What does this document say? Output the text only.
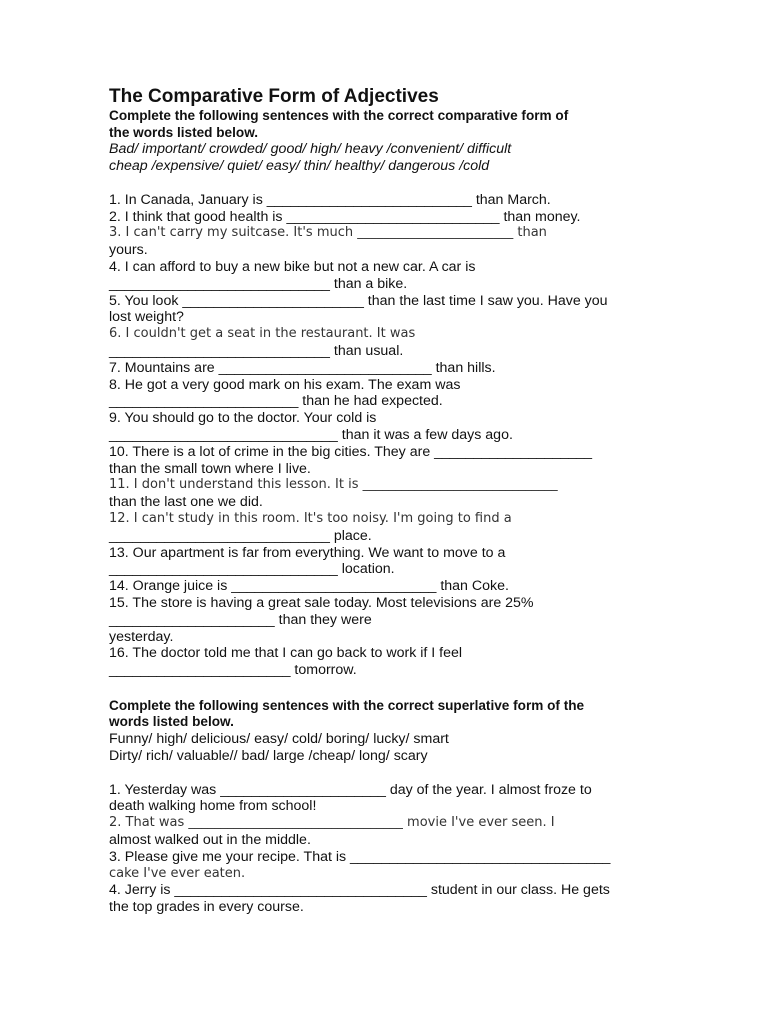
The Comparative Form of Adjectives
Complete the following sentences with the correct comparative form of
the words listed below.
Bad/ important/ crowded/ good/ high/ heavy /convenient/ difficult
cheap /expensive/ quiet/ easy/ thin/ healthy/ dangerous /cold
1. In Canada, January is __________________________ than March.
2. I think that good health is ___________________________ than money.
3. I can't carry my suitcase. It's much ________________________ than
yours.
4. I can afford to buy a new bike but not a new car. A car is
____________________________ than a bike.
5. You look _______________________ than the last time I saw you. Have you
lost weight?
6. I couldn't get a seat in the restaurant. It was
____________________________ than usual.
7. Mountains are ___________________________ than hills.
8. He got a very good mark on his exam. The exam was
________________________ than he had expected.
9. You should go to the doctor. Your cold is
_____________________________ than it was a few days ago.
10. There is a lot of crime in the big cities. They are ____________________
than the small town where I live.
11. I don't understand this lesson. It is ______________________________
than the last one we did.
12. I can't study in this room. It's too noisy. I'm going to find a
____________________________ place.
13. Our apartment is far from everything. We want to move to a
_____________________________ location.
14. Orange juice is __________________________ than Coke.
15. The store is having a great sale today. Most televisions are 25%
_____________________ than they were
yesterday.
16. The doctor told me that I can go back to work if I feel
_______________________ tomorrow.
Complete the following sentences with the correct superlative form of the
words listed below.
Funny/ high/ delicious/ easy/ cold/ boring/ lucky/ smart
Dirty/ rich/ valuable// bad/ large /cheap/ long/ scary
1. Yesterday was _____________________ day of the year. I almost froze to
death walking home from school!
2. That was _________________________________ movie I've ever seen. I
almost walked out in the middle.
3. Please give me your recipe. That is _________________________________
cake I've ever eaten.
4. Jerry is ________________________________ student in our class. He gets
the top grades in every course.
